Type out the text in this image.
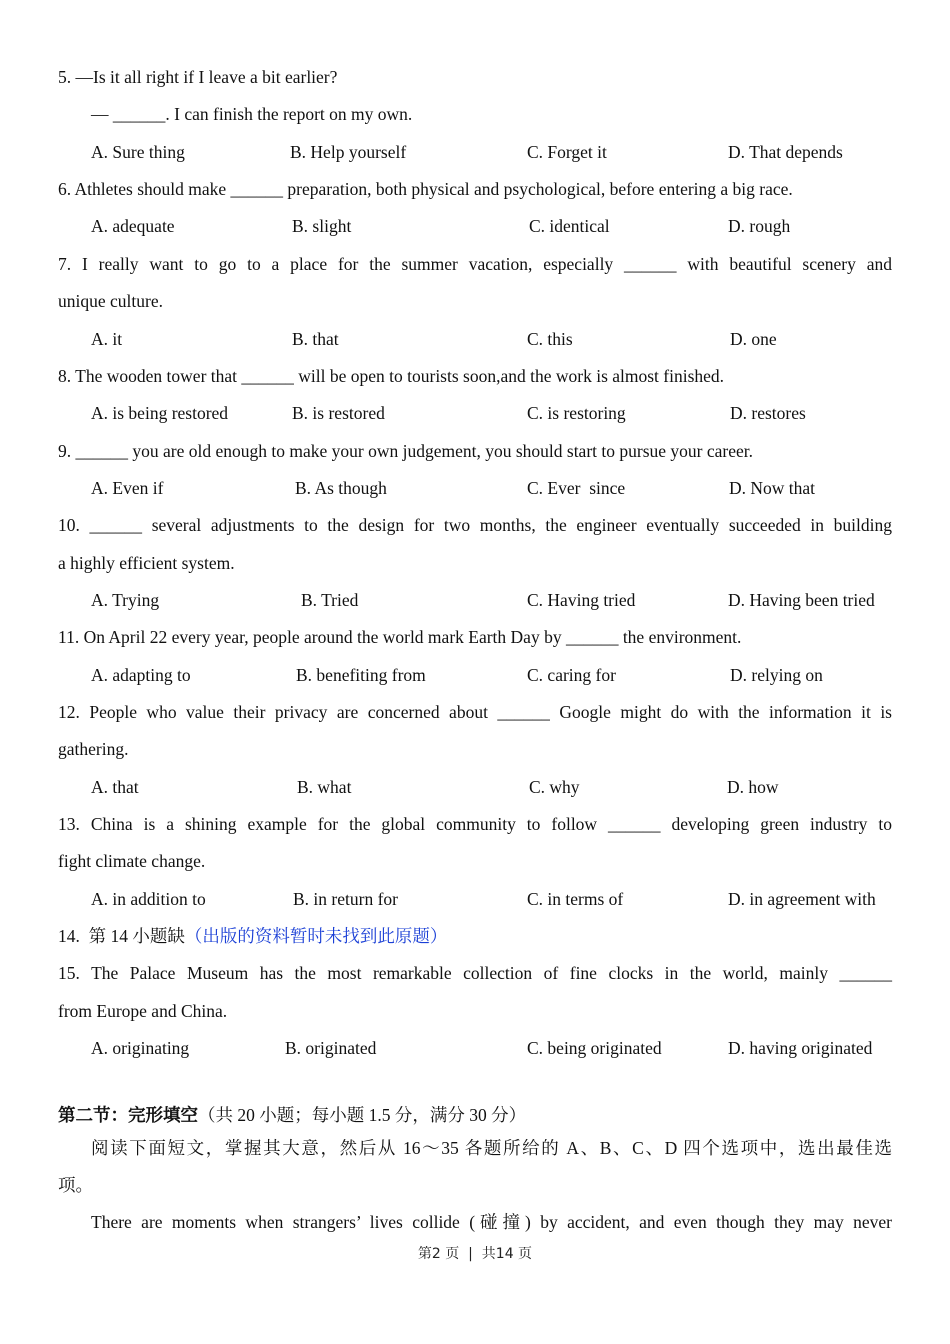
5. —Is it all right if I leave a bit earlier?
— ______. I can finish the report on my own.
A. Sure thing	B. Help yourself	C. Forget it	D. That depends
6. Athletes should make ______ preparation, both physical and psychological, before entering a big race.
A. adequate	B. slight	C. identical	D. rough
7. I really want to go to a place for the summer vacation, especially ______ with beautiful scenery and
unique culture.
A. it	B. that	C. this	D. one
8. The wooden tower that ______ will be open to tourists soon,and the work is almost finished.
A. is being restored	B. is restored	C. is restoring	D. restores
9. ______ you are old enough to make your own judgement, you should start to pursue your career.
A. Even if	B. As though	C. Ever  since	D. Now that
10. ______ several adjustments to the design for two months, the engineer eventually succeeded in building
a highly efficient system.
A. Trying	B. Tried	C. Having tried	D. Having been tried
11. On April 22 every year, people around the world mark Earth Day by ______ the environment.
A. adapting to	B. benefiting from	C. caring for	D. relying on
12. People who value their privacy are concerned about ______ Google might do with the information it is
gathering.
A. that	B. what	C. why	D. how
13. China is a shining example for the global community to follow ______ developing green industry to
fight climate change.
A. in addition to	B. in return for	C. in terms of	D. in agreement with
14.  第 14 小题缺（出版的资料暂时未找到此原题）
15. The Palace Museum has the most remarkable collection of fine clocks in the world, mainly ______
from Europe and China.
A. originating	B. originated	C. being originated	D. having originated
第二节：完形填空（共 20 小题；每小题 1.5 分，满分 30 分）
阅读下面短文，掌握其大意，然后从 16～35 各题所给的 A、B、C、D 四个选项中，选出最佳选
项。
There are moments when strangers’ lives collide (碰撞) by accident, and even though they may never
第2 页  |  共14 页
